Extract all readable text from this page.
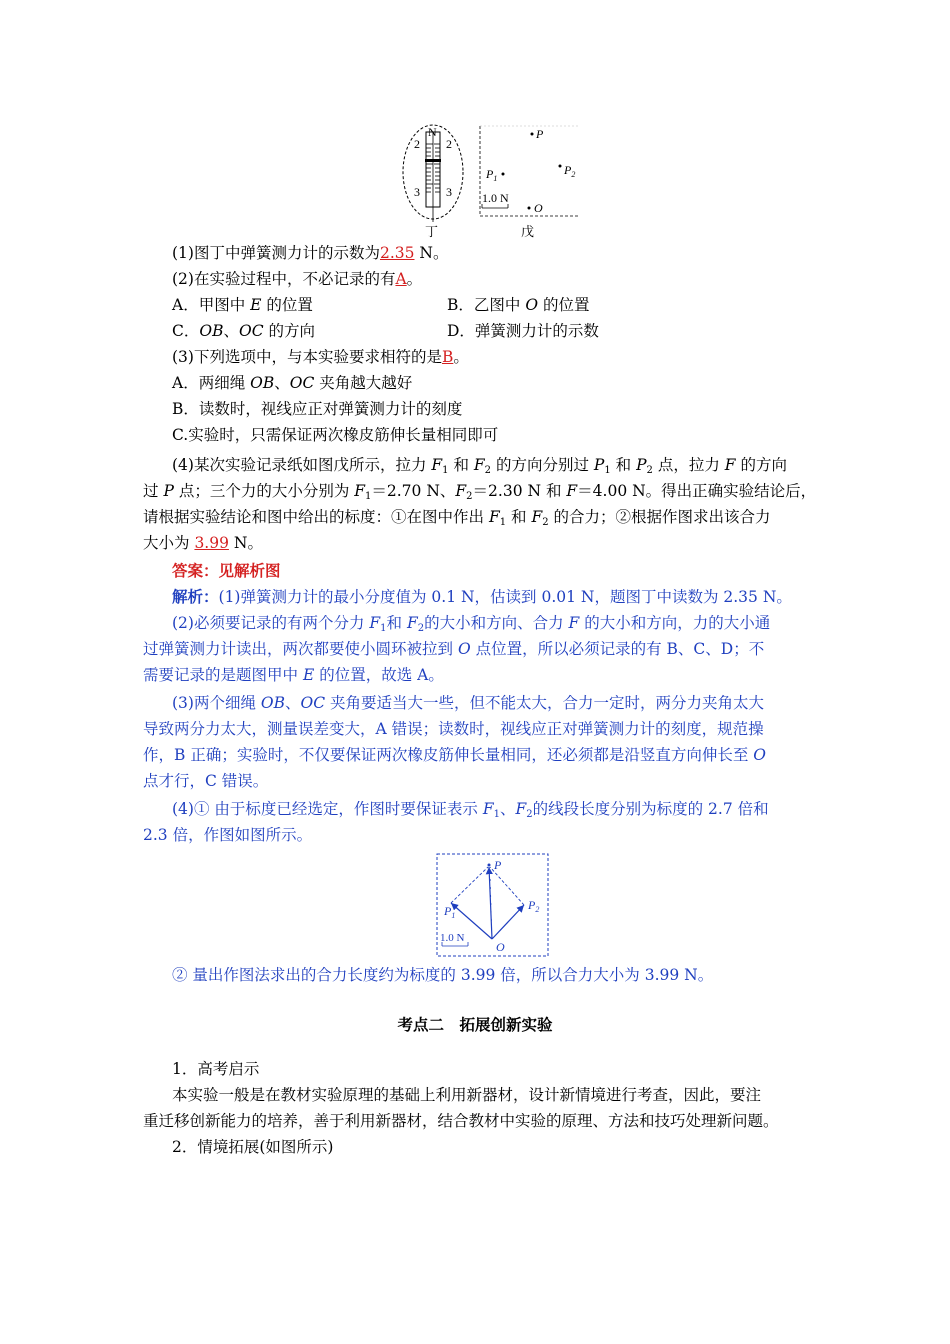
N
2 2
3 3
丁
P
$P_2$
$P_1$
O
1.0 N
戊
(1)图丁中弹簧测力计的示数为2.35 N。
(2)在实验过程中，不必记录的有A。
A．甲图中 E 的位置	B．乙图中 O 的位置
C．OB、OC 的方向	D．弹簧测力计的示数
(3)下列选项中，与本实验要求相符的是B。
A．两细绳 OB、OC 夹角越大越好
B．读数时，视线应正对弹簧测力计的刻度
C.实验时，只需保证两次橡皮筋伸长量相同即可
(4)某次实验记录纸如图戊所示，拉力 $F_1$ 和 $F_2$ 的方向分别过 $P_1$ 和 $P_2$ 点，拉力 F 的方向
过 P 点；三个力的大小分别为 $F_1=2.70$ N、$F_2=2.30$ N 和 F＝4.00 N。得出正确实验结论后，
请根据实验结论和图中给出的标度：①在图中作出 $F_1$ 和 $F_2$ 的合力；②根据作图求出该合力
大小为 3.99 N。
答案：见解析图
解析：(1)弹簧测力计的最小分度值为 0.1 N，估读到 0.01 N，题图丁中读数为 2.35 N。
(2)必须要记录的有两个分力 $F_1$和 $F_2$的大小和方向、合力 F 的大小和方向，力的大小通
过弹簧测力计读出，两次都要使小圆环被拉到 O 点位置，所以必须记录的有 B、C、D；不
需要记录的是题图甲中 E 的位置，故选 A。
(3)两个细绳 OB、OC 夹角要适当大一些，但不能太大，合力一定时，两分力夹角太大
导致两分力太大，测量误差变大，A 错误；读数时，视线应正对弹簧测力计的刻度，规范操
作，B 正确；实验时，不仅要保证两次橡皮筋伸长量相同，还必须都是沿竖直方向伸长至 O
点才行，C 错误。
(4)① 由于标度已经选定，作图时要保证表示 $F_1$、$F_2$的线段长度分别为标度的 2.7 倍和
2.3 倍，作图如图所示。
P
$P_1$
$P_2$
O
1.0 N
② 量出作图法求出的合力长度约为标度的 3.99 倍，所以合力大小为 3.99 N。
考点二　拓展创新实验
1．高考启示
本实验一般是在教材实验原理的基础上利用新器材，设计新情境进行考查，因此，要注
重迁移创新能力的培养，善于利用新器材，结合教材中实验的原理、方法和技巧处理新问题。
2．情境拓展(如图所示)
